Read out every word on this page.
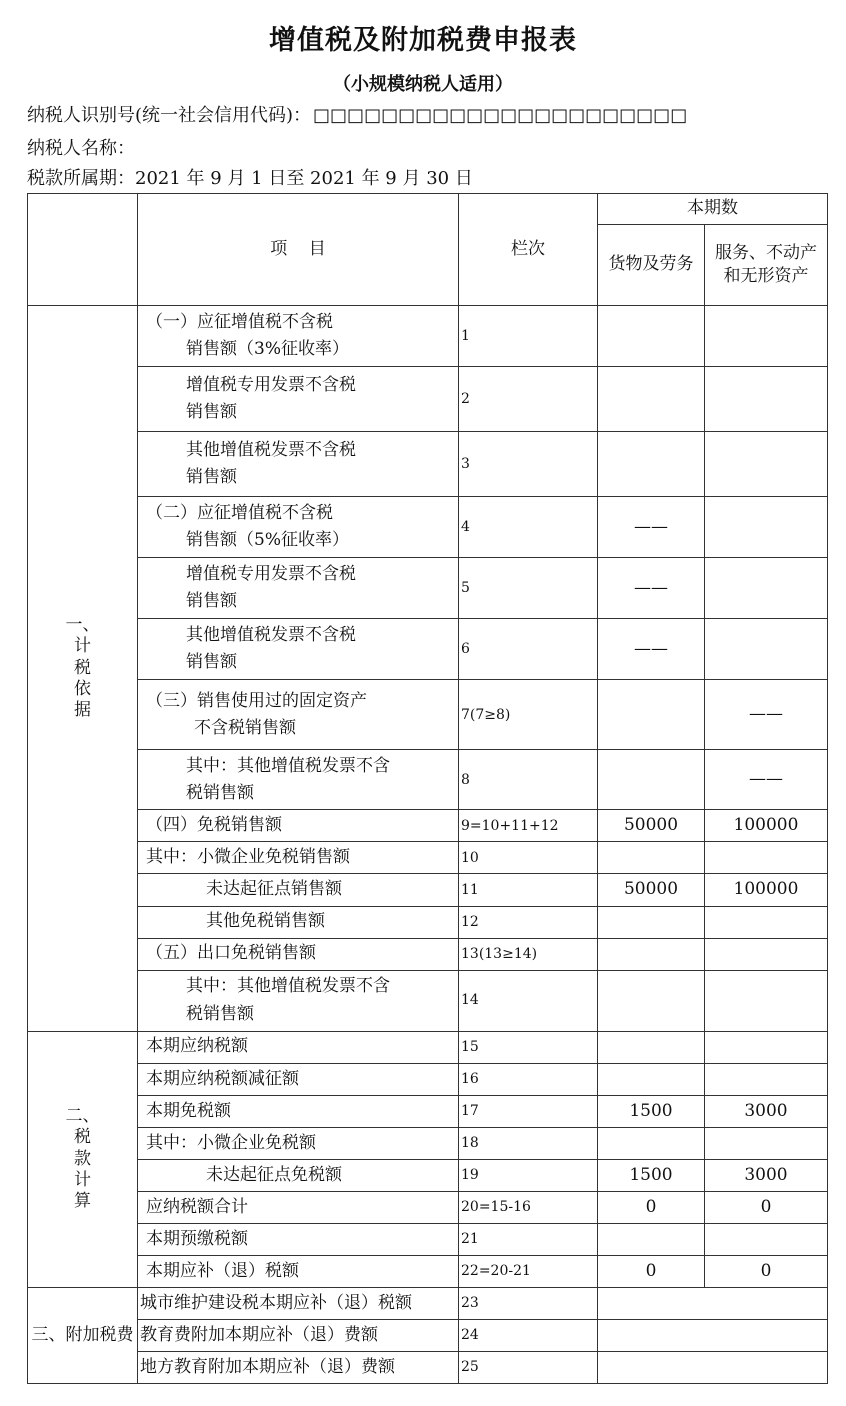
增值税及附加税费申报表
（小规模纳税人适用）
纳税人识别号(统一社会信用代码)： □□□□□□□□□□□□□□□□□□□□□□
纳税人名称：
税款所属期：2021 年 9 月 1 日至 2021 年 9 月 30 日
	项    目	栏次	本期数	
			货物及劳务	服务、不动产
和无形资产

一、
计
税
依
据	（一）应征增值税不含税
销售额（3%征收率）	1		
	增值税专用发票不含税
销售额	2		
	其他增值税发票不含税
销售额	3		
	（二）应征增值税不含税
销售额（5%征收率）	4	——	
	增值税专用发票不含税
销售额	5	——	
	其他增值税发票不含税
销售额	6	——	
	（三）销售使用过的固定资产
不含税销售额	7(7≥8)		——
	其中：其他增值税发票不含
税销售额	8		——
	（四）免税销售额	9=10+11+12	50000	100000
	其中：小微企业免税销售额	10		
	未达起征点销售额	11	50000	100000
	其他免税销售额	12		
	（五）出口免税销售额	13(13≥14)		
	其中：其他增值税发票不含
税销售额	14		

二、
税
款
计
算	本期应纳税额	15		
	本期应纳税额减征额	16		
	本期免税额	17	1500	3000
	其中：小微企业免税额	18		
	未达起征点免税额	19	1500	3000
	应纳税额合计	20=15-16	0	0
	本期预缴税额	21		
	本期应补（退）税额	22=20-21	0	0
三、附加税费	城市维护建设税本期应补（退）税额	23		
	教育费附加本期应补（退）费额	24		
	地方教育附加本期应补（退）费额	25		
